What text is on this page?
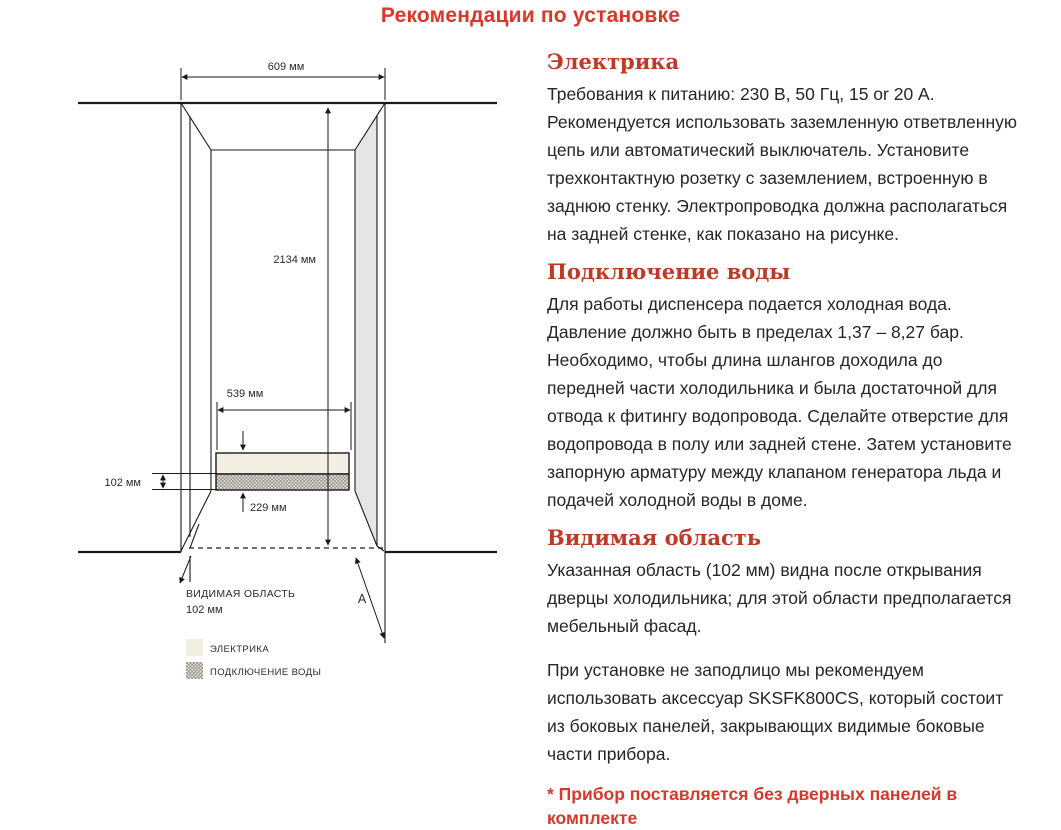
Рекомендации по установке
609 мм
2134 мм
539 мм
102 мм
229 мм
ВИДИМАЯ ОБЛАСТЬ
102 мм
А
ЭЛЕКТРИКА
ПОДКЛЮЧЕНИЕ ВОДЫ
Электрика

Требования к питанию: 230 В, 50 Гц, 15 or 20 А. Рекомендуется использовать заземленную ответвленную цепь или автоматический выключатель. Установите трехконтактную розетку с заземлением, встроенную в заднюю стенку. Электропроводка должна располагаться на задней стенке, как показано на рисунке.

Подключение воды

Для работы диспенсера подается холодная вода. Давление должно быть в пределах 1,37 – 8,27 бар. Необходимо, чтобы длина шлангов доходила до передней части холодильника и была достаточной для отвода к фитингу водопровода. Сделайте отверстие для водопровода в полу или задней стене. Затем установите запорную арматуру между клапаном генератора льда и подачей холодной воды в доме.

Видимая область

Указанная область (102 мм) видна после открывания дверцы холодильника; для этой области предполагается мебельный фасад.

При установке не заподлицо мы рекомендуем использовать аксессуар SKSFK800CS, который состоит из боковых панелей, закрывающих видимые боковые части прибора.

* Прибор поставляется без дверных панелей в комплекте
